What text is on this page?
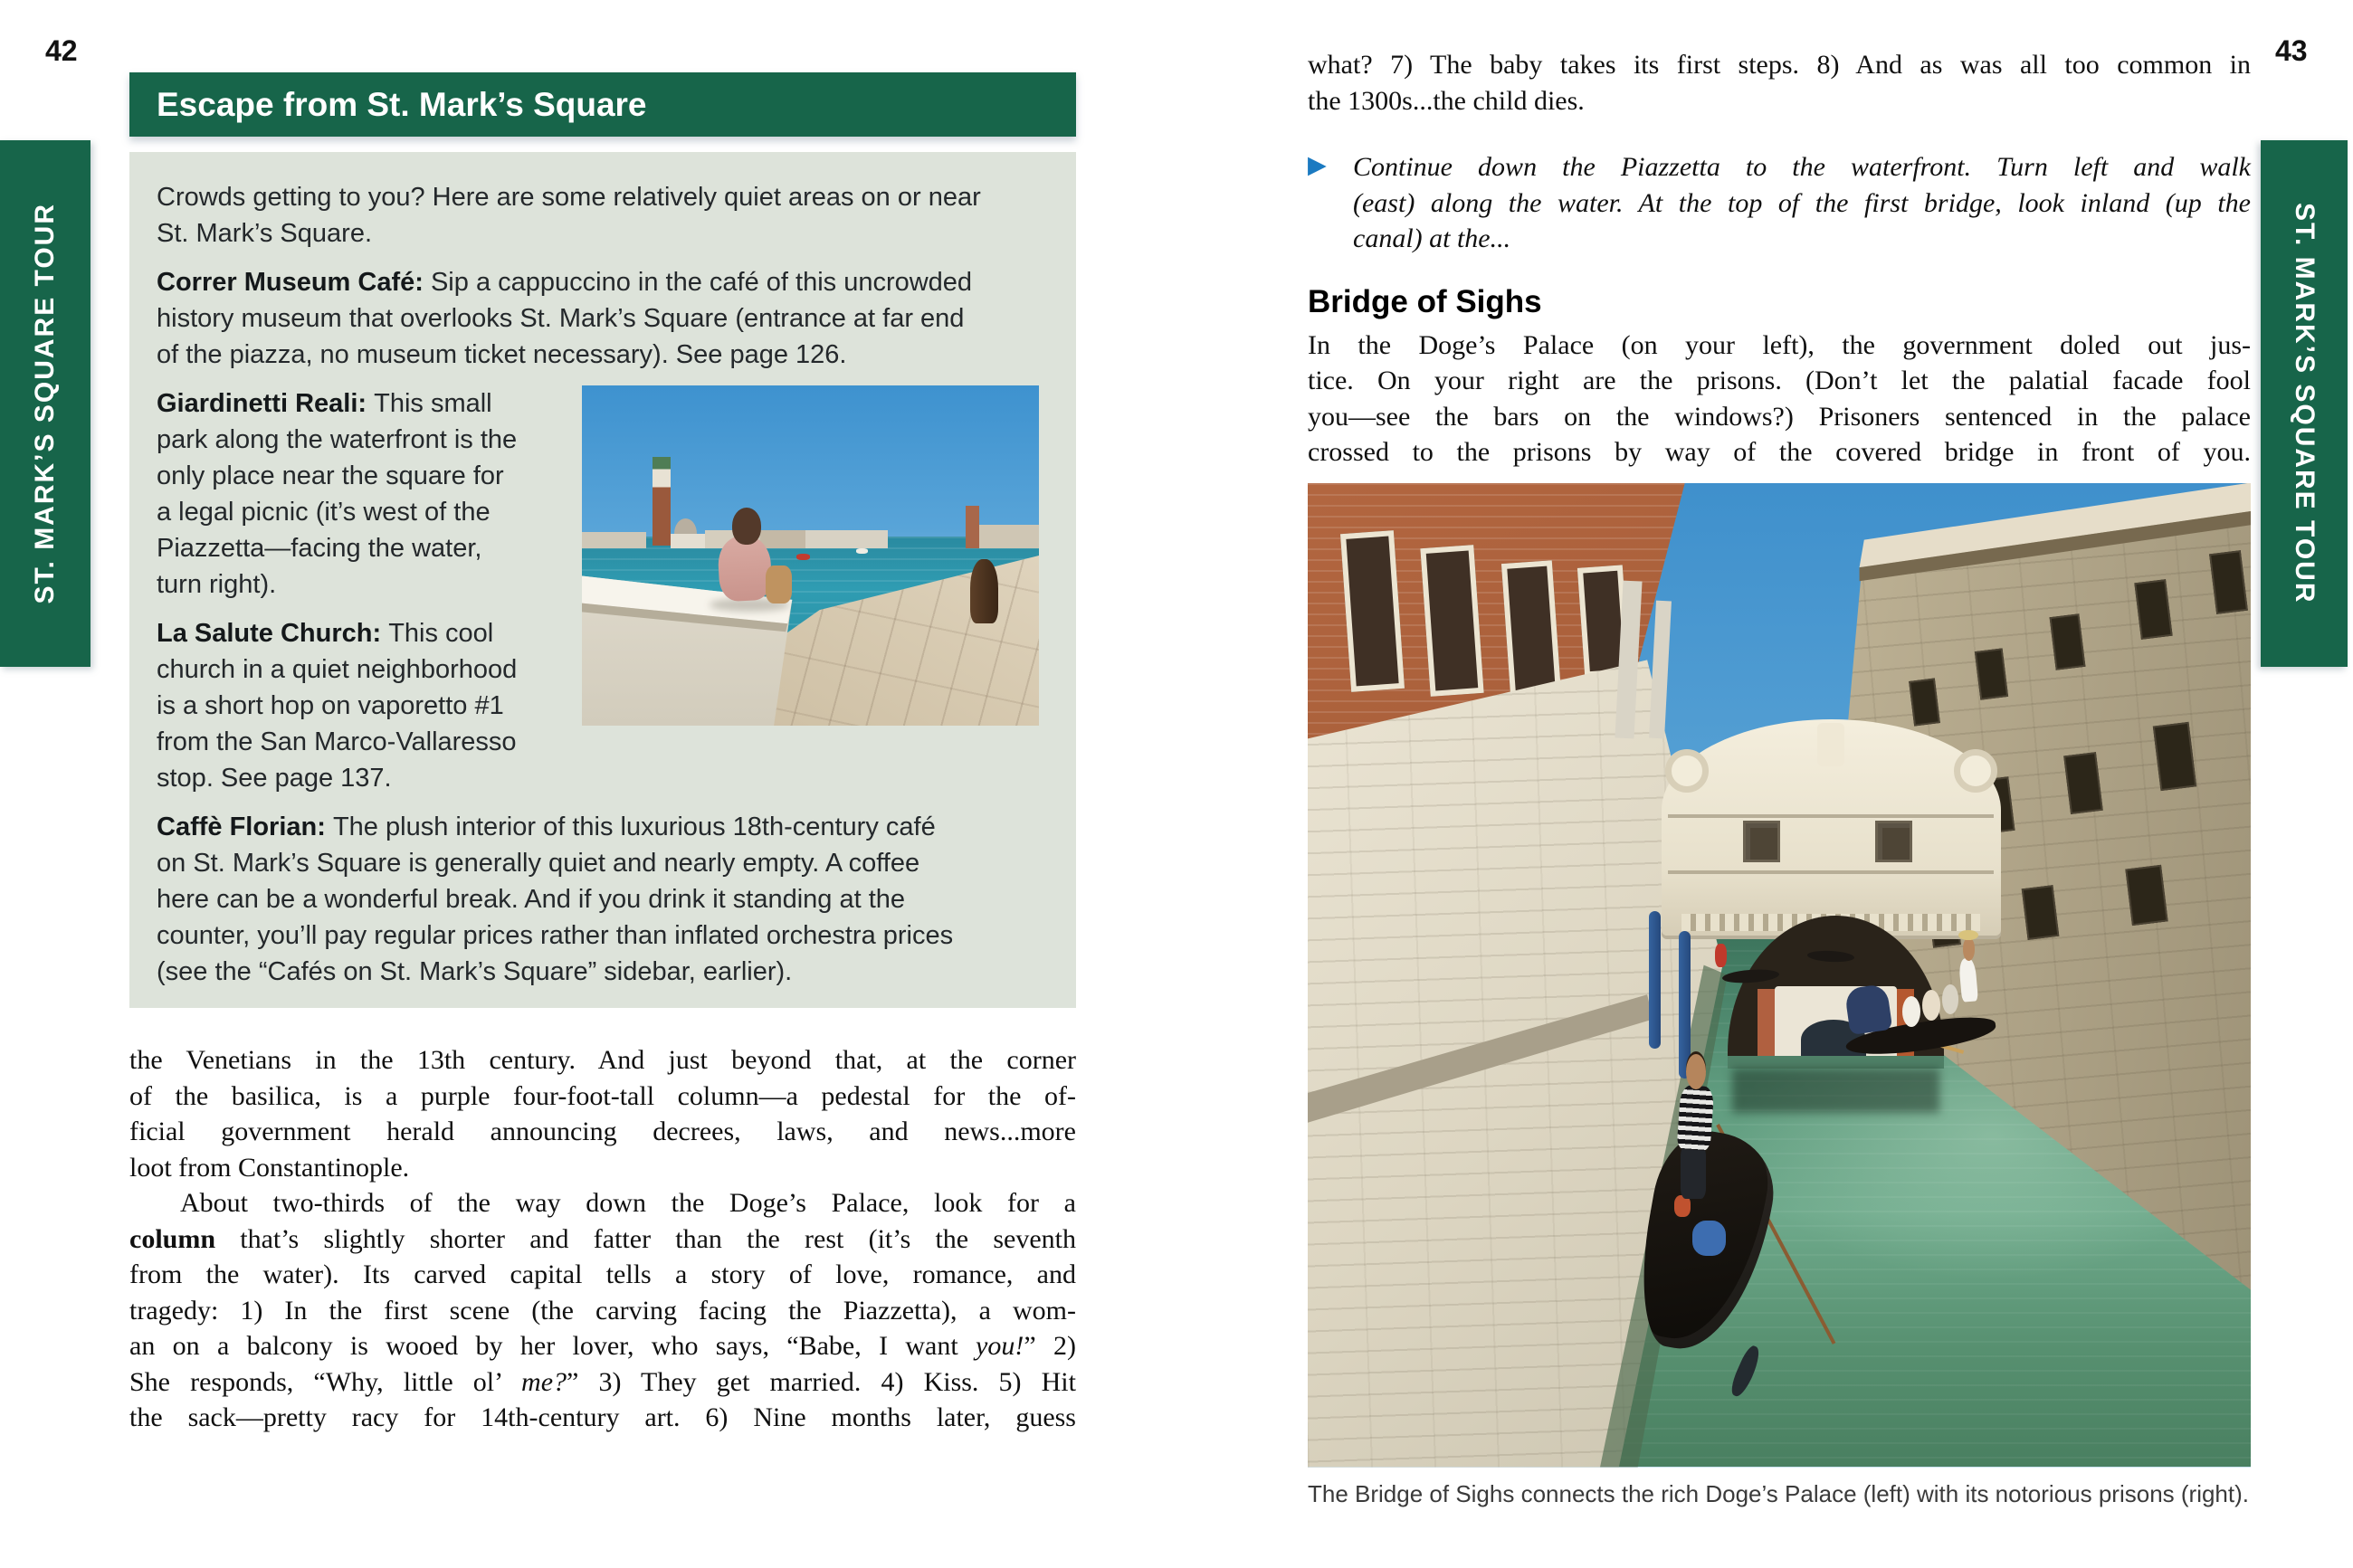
ST. MARK’S SQUARE TOUR	ST. MARK’S SQUARE TOUR
42	43
Escape from St. Mark’s Square
Crowds getting to you? Here are some relatively quiet areas on or near
St. Mark’s Square.
Correr Museum Café: Sip a cappuccino in the café of this uncrowded
history museum that overlooks St. Mark’s Square (entrance at far end
of the piazza, no museum ticket necessary). See page 126.
Giardinetti Reali: This small
park along the waterfront is the
only place near the square for
a legal picnic (it’s west of the
Piazzetta—facing the water,
turn right).
La Salute Church: This cool
church in a quiet neighborhood
is a short hop on vaporetto #1
from the San Marco-Vallaresso
stop. See page 137.
Caffè Florian: The plush interior of this luxurious 18th-century café
on St. Mark’s Square is generally quiet and nearly empty. A coffee
here can be a wonderful break. And if you drink it standing at the
counter, you’ll pay regular prices rather than inflated orchestra prices
(see the “Cafés on St. Mark’s Square” sidebar, earlier).
the Venetians in the 13th century. And just beyond that, at the corner
of the basilica, is a purple four-foot-tall column—a pedestal for the of-
ficial government herald announcing decrees, laws, and news...more
loot from Constantinople.
About two-thirds of the way down the Doge’s Palace, look for a
column that’s slightly shorter and fatter than the rest (it’s the seventh
from the water). Its carved capital tells a story of love, romance, and
tragedy: 1) In the first scene (the carving facing the Piazzetta), a wom-
an on a balcony is wooed by her lover, who says, “Babe, I want you!” 2)
She responds, “Why, little ol’ me?” 3) They get married. 4) Kiss. 5) Hit
the sack—pretty racy for 14th-century art. 6) Nine months later, guess
what? 7) The baby takes its first steps. 8) And as was all too common in
the 1300s...the child dies.
▶ Continue down the Piazzetta to the waterfront. Turn left and walk
(east) along the water. At the top of the first bridge, look inland (up the
canal) at the...
Bridge of Sighs
In the Doge’s Palace (on your left), the government doled out jus-
tice. On your right are the prisons. (Don’t let the palatial facade fool
you—see the bars on the windows?) Prisoners sentenced in the palace
crossed to the prisons by way of the covered bridge in front of you.
The Bridge of Sighs connects the rich Doge’s Palace (left) with its notorious prisons (right).
